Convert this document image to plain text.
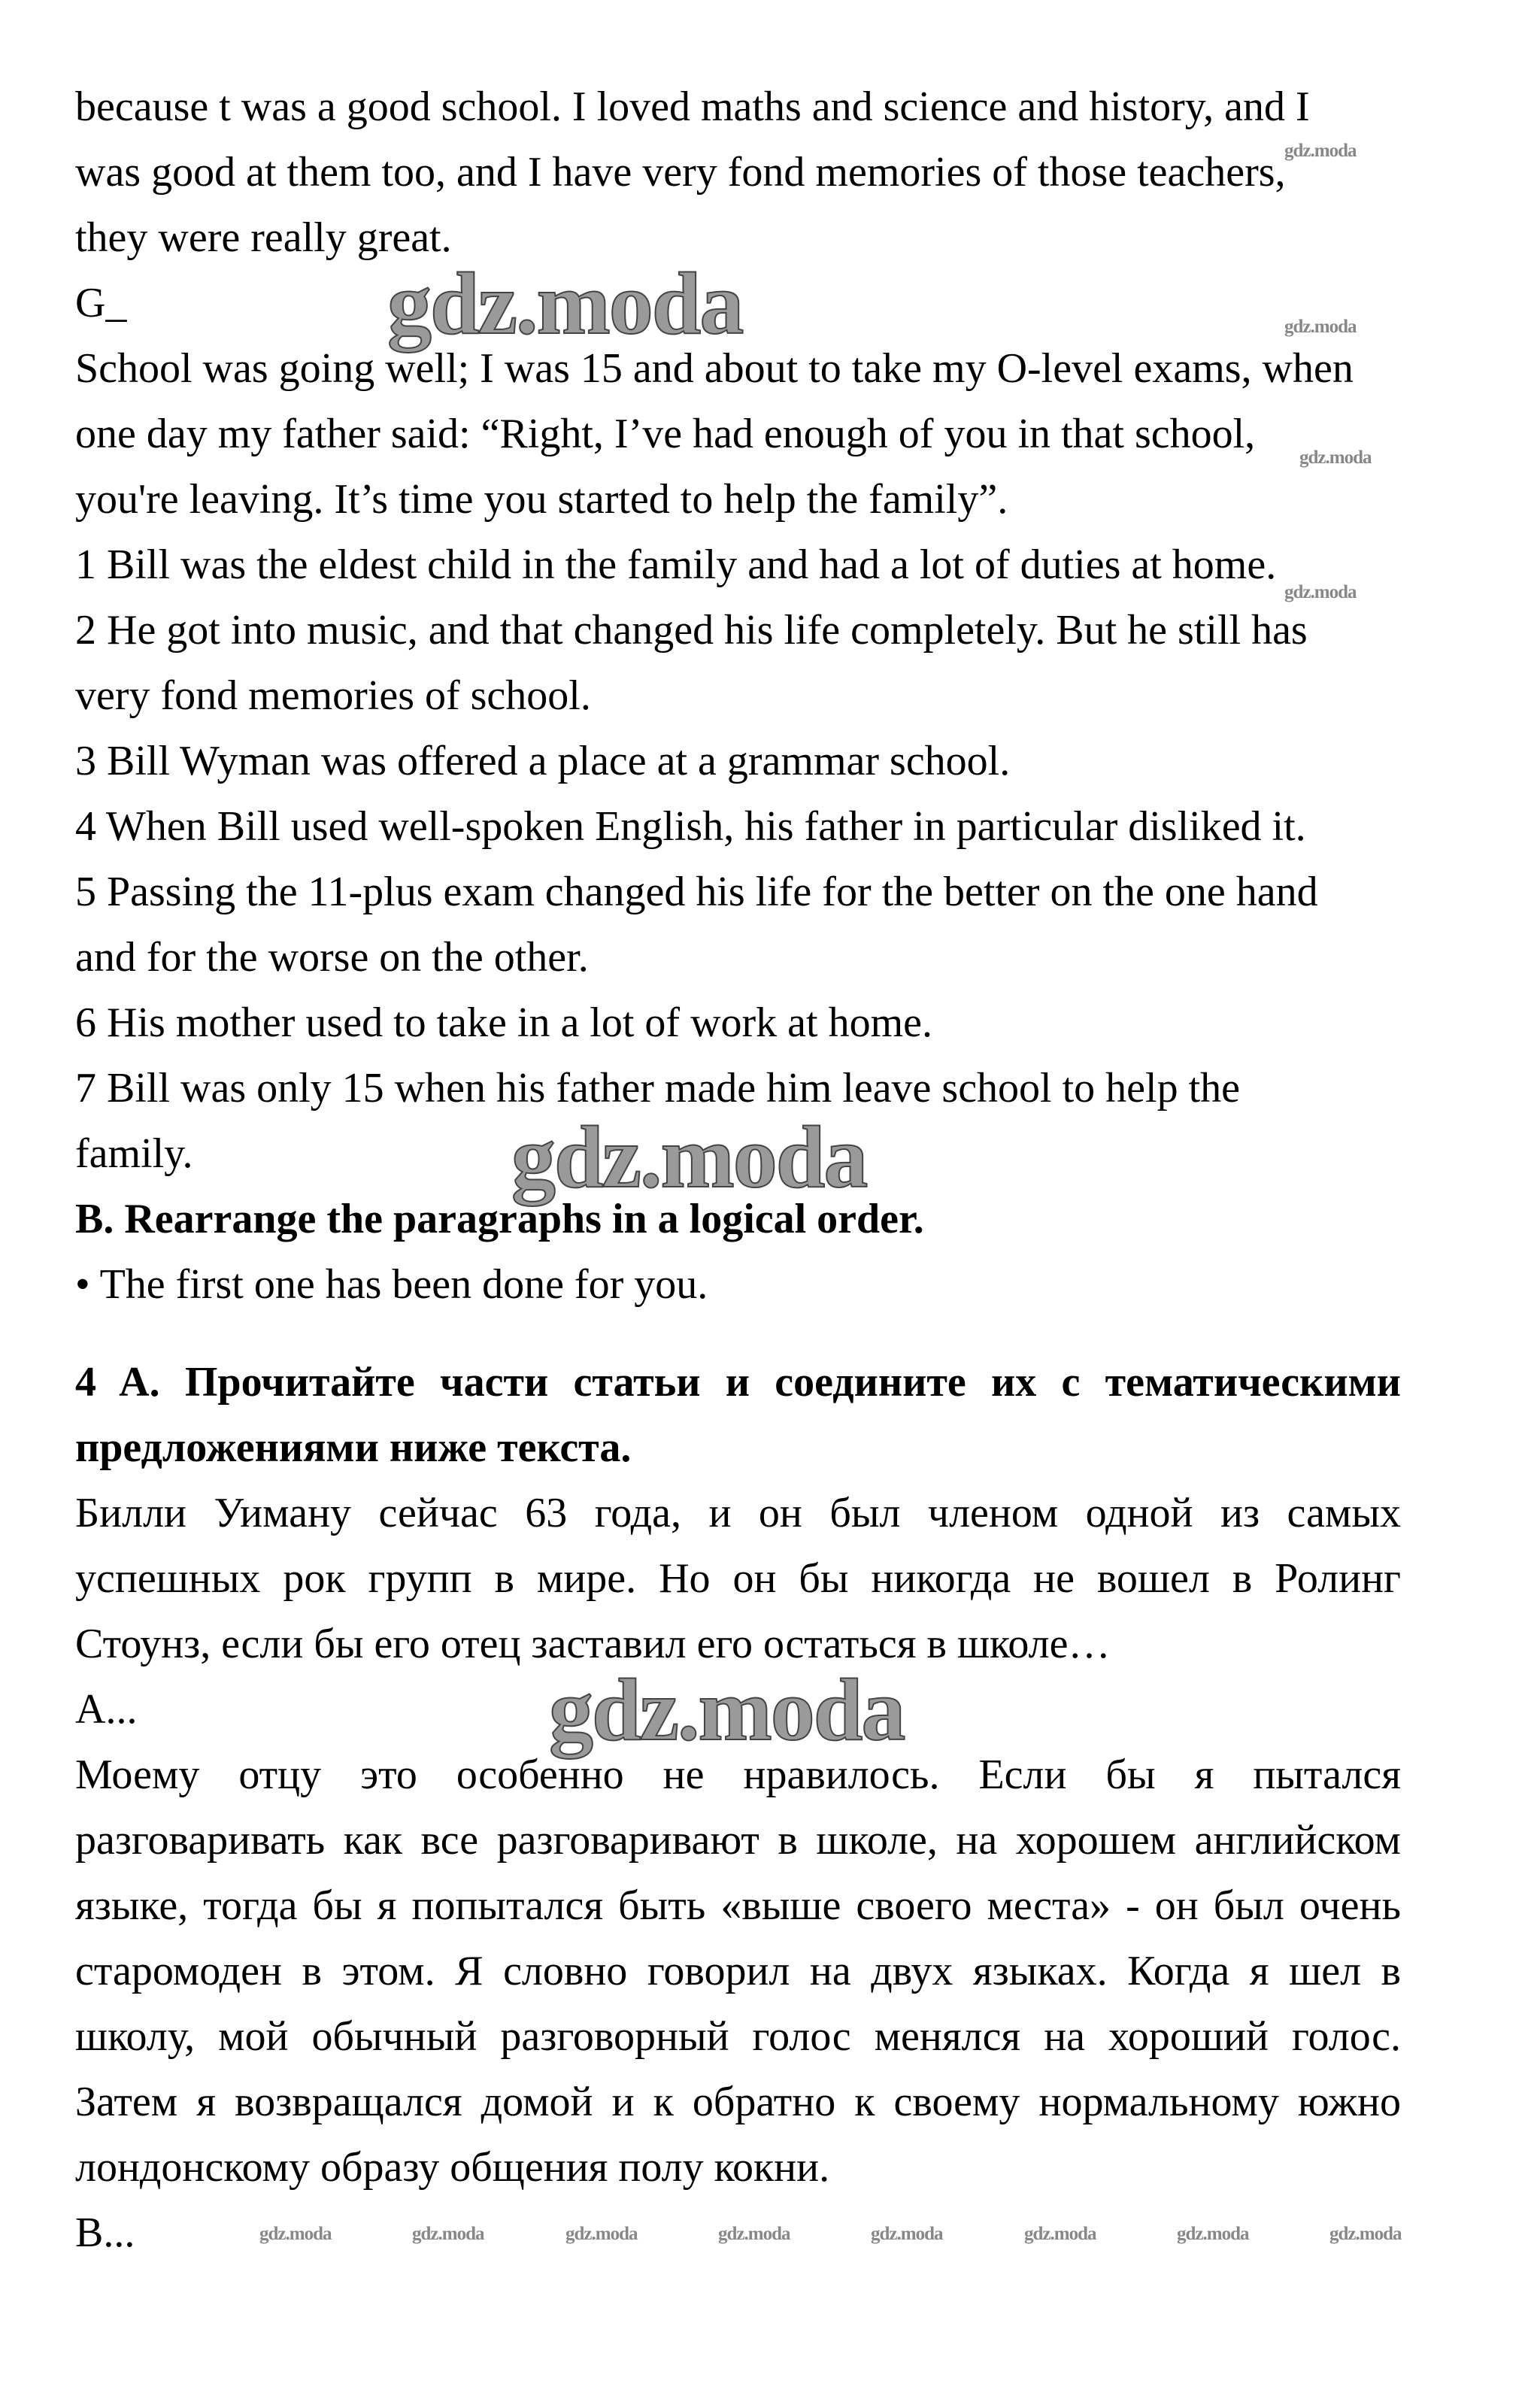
because t was a good school. I loved maths and science and history, and I
was good at them too, and I have very fond memories of those teachers,
they were really great.
G_
School was going well; I was 15 and about to take my O-level exams, when
one day my father said: “Right, I’ve had enough of you in that school,
you're leaving. It’s time you started to help the family”.
1 Bill was the eldest child in the family and had a lot of duties at home.
2 He got into music, and that changed his life completely. But he still has
very fond memories of school.
3 Bill Wyman was offered a place at a grammar school.
4 When Bill used well-spoken English, his father in particular disliked it.
5 Passing the 11-plus exam changed his life for the better on the one hand
and for the worse on the other.
6 His mother used to take in a lot of work at home.
7 Bill was only 15 when his father made him leave school to help the
family.
B. Rearrange the paragraphs in a logical order.
• The first one has been done for you.
4 A. Прочитайте части статьи и соедините их с тематическими
предложениями ниже текста.
Билли Уиману сейчас 63 года, и он был членом одной из самых
успешных рок групп в мире. Но он бы никогда не вошел в Ролинг
Стоунз, если бы его отец заставил его остаться в школе…
A...
Моему отцу это особенно не нравилось. Если бы я пытался
разговаривать как все разговаривают в школе, на хорошем английском
языке, тогда бы я попытался быть «выше своего места» - он был очень
старомоден в этом. Я словно говорил на двух языках. Когда я шел в
школу, мой обычный разговорный голос менялся на хороший голос.
Затем я возвращался домой и к обратно к своему нормальному южно
лондонскому образу общения полу кокни.
B...
gdz.moda
gdz.moda
gdz.moda
gdz.moda
gdz.moda
gdz.moda
gdz.moda
gdz.moda	gdz.moda	gdz.moda	gdz.moda	gdz.moda	gdz.moda	gdz.moda	gdz.moda
